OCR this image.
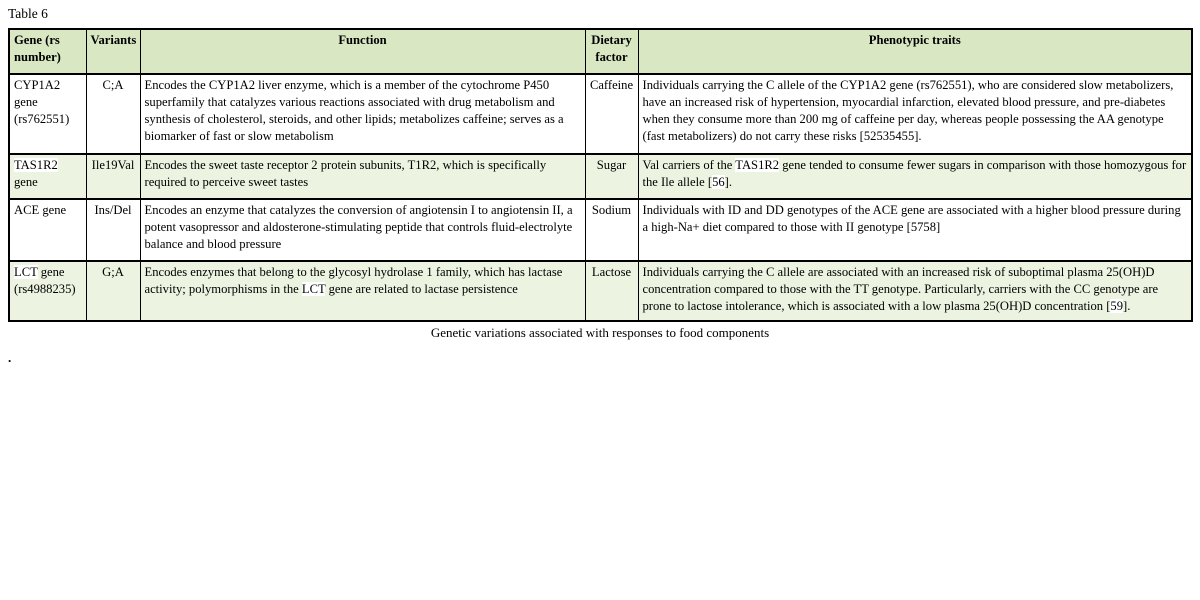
Table 6
Gene (rs number)	Variants	Function	Dietary factor	Phenotypic traits
CYP1A2 gene (rs762551)	C;A	Encodes the CYP1A2 liver enzyme, which is a member of the cytochrome P450 superfamily that catalyzes various reactions associated with drug metabolism and synthesis of cholesterol, steroids, and other lipids; metabolizes caffeine; serves as a biomarker of fast or slow metabolism	Caffeine	Individuals carrying the C allele of the CYP1A2 gene (rs762551), who are considered slow metabolizers, have an increased risk of hypertension, myocardial infarction, elevated blood pressure, and pre-diabetes when they consume more than 200 mg of caffeine per day, whereas people possessing the AA genotype (fast metabolizers) do not carry these risks [52535455].
TAS1R2 gene	Ile19Val	Encodes the sweet taste receptor 2 protein subunits, T1R2, which is specifically required to perceive sweet tastes	Sugar	Val carriers of the TAS1R2 gene tended to consume fewer sugars in comparison with those homozygous for the Ile allele [56].
ACE gene	Ins/Del	Encodes an enzyme that catalyzes the conversion of angiotensin I to angiotensin II, a potent vasopressor and aldosterone-stimulating peptide that controls fluid-electrolyte balance and blood pressure	Sodium	Individuals with ID and DD genotypes of the ACE gene are associated with a higher blood pressure during a high-Na+ diet compared to those with II genotype [5758]
LCT gene (rs4988235)	G;A	Encodes enzymes that belong to the glycosyl hydrolase 1 family, which has lactase activity; polymorphisms in the LCT gene are related to lactase persistence	Lactose	Individuals carrying the C allele are associated with an increased risk of suboptimal plasma 25(OH)D concentration compared to those with the TT genotype. Particularly, carriers with the CC genotype are prone to lactose intolerance, which is associated with a low plasma 25(OH)D concentration [59].
Genetic variations associated with responses to food components
.
